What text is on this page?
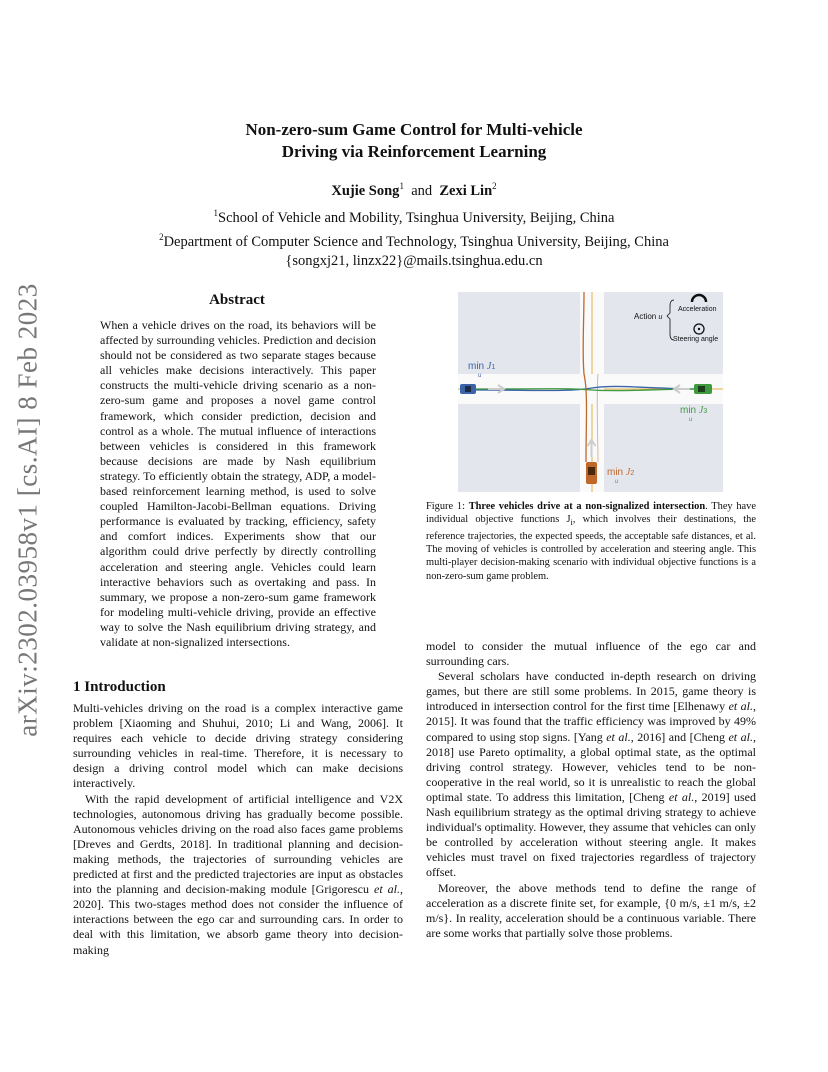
arXiv:2302.03958v1 [cs.AI] 8 Feb 2023
Non-zero-sum Game Control for Multi-vehicle
Driving via Reinforcement Learning
Xujie Song$^1$ and Zexi Lin$^2$
$^1$School of Vehicle and Mobility, Tsinghua University, Beijing, China
$^2$Department of Computer Science and Technology, Tsinghua University, Beijing, China
{songxj21, linzx22}@mails.tsinghua.edu.cn
Abstract
When a vehicle drives on the road, its behaviors will be affected by surrounding vehicles. Prediction and decision should not be considered as two separate stages because all vehicles make decisions interactively. This paper constructs the multi-vehicle driving scenario as a non-zero-sum game and proposes a novel game control framework, which consider prediction, decision and control as a whole. The mutual influence of interactions between vehicles is considered in this framework because decisions are made by Nash equilibrium strategy. To efficiently obtain the strategy, ADP, a model-based reinforcement learning method, is used to solve coupled Hamilton-Jacobi-Bellman equations. Driving performance is evaluated by tracking, efficiency, safety and comfort indices. Experiments show that our algorithm could drive perfectly by directly controlling acceleration and steering angle. Vehicles could learn interactive behaviors such as overtaking and pass. In summary, we propose a non-zero-sum game framework for modeling multi-vehicle driving, provide an effective way to solve the Nash equilibrium driving strategy, and validate at non-signalized intersections.
1 Introduction

Multi-vehicles driving on the road is a complex interactive game problem [Xiaoming and Shuhui, 2010; Li and Wang, 2006]. It requires each vehicle to decide driving strategy considering surrounding vehicles in real-time. Therefore, it is necessary to design a driving control model which can make decisions interactively.

With the rapid development of artificial intelligence and V2X technologies, autonomous driving has gradually become possible. Autonomous vehicles driving on the road also faces game problems [Dreves and Gerdts, 2018]. In traditional planning and decision-making methods, the trajectories of surrounding vehicles are predicted at first and the predicted trajectories are input as obstacles into the planning and decision-making module [Grigorescu et al., 2020]. This two-stages method does not consider the influence of interactions between the ego car and surrounding cars. In order to deal with this limitation, we absorb game theory into decision-making

Action u
Acceleration
Steering angle
min J1
u
min J3
u
min J2
u
Figure 1: Three vehicles drive at a non-signalized intersection. They have individual objective functions $J_i$, which involves their destinations, the reference trajectories, the expected speeds, the acceptable safe distances, et al. The moving of vehicles is controlled by acceleration and steering angle. This multi-player decision-making scenario with individual objective functions is a non-zero-sum game problem.

model to consider the mutual influence of the ego car and surrounding cars.

Several scholars have conducted in-depth research on driving games, but there are still some problems. In 2015, game theory is introduced in intersection control for the first time [Elhenawy et al., 2015]. It was found that the traffic efficiency was improved by 49% compared to using stop signs. [Yang et al., 2016] and [Cheng et al., 2018] use Pareto optimality, a global optimal state, as the optimal driving control strategy. However, vehicles tend to be non-cooperative in the real world, so it is unrealistic to reach the global optimal state. To address this limitation, [Cheng et al., 2019] used Nash equilibrium strategy as the optimal driving strategy to achieve individual's optimality. However, they assume that vehicles can only be controlled by acceleration without steering angle. It makes vehicles must travel on fixed trajectories regardless of trajectory offset.

Moreover, the above methods tend to define the range of acceleration as a discrete finite set, for example, {0 m/s, ±1 m/s, ±2 m/s}. In reality, acceleration should be a continuous variable. There are some works that partially solve those problems.
